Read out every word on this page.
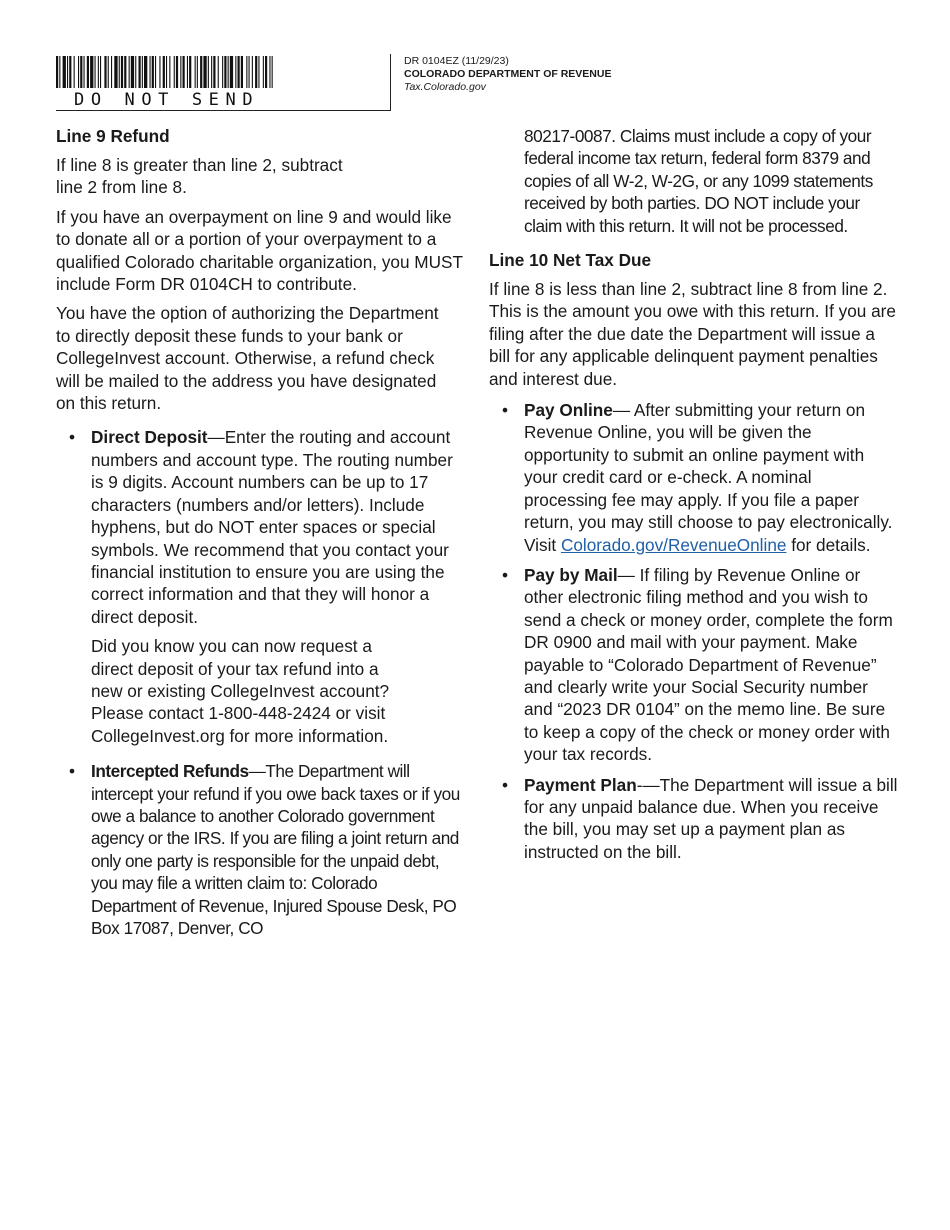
DO NOT SEND
DR 0104EZ (11/29/23)
COLORADO DEPARTMENT OF REVENUE
Tax.Colorado.gov
Line 9 Refund

If line 8 is greater than line 2, subtract line 2 from line 8.

If you have an overpayment on line 9 and would like to donate all or a portion of your overpayment to a qualified Colorado charitable organization, you MUST include Form DR 0104CH to contribute.

You have the option of authorizing the Department to directly deposit these funds to your bank or CollegeInvest account. Otherwise, a refund check will be mailed to the address you have designated on this return.

• Direct Deposit—Enter the routing and account numbers and account type. The routing number is 9 digits. Account numbers can be up to 17 characters (numbers and/or letters). Include hyphens, but do NOT enter spaces or special symbols. We recommend that you contact your financial institution to ensure you are using the correct information and that they will honor a direct deposit.
Did you know you can now request a direct deposit of your tax refund into a new or existing CollegeInvest account? Please contact 1-800-448-2424 or visit CollegeInvest.org for more information.
• Intercepted Refunds—The Department will intercept your refund if you owe back taxes or if you owe a balance to another Colorado government agency or the IRS. If you are filing a joint return and only one party is responsible for the unpaid debt, you may file a written claim to: Colorado Department of Revenue, Injured Spouse Desk, PO Box 17087, Denver, CO
80217-0087. Claims must include a copy of your federal income tax return, federal form 8379 and copies of all W-2, W-2G, or any 1099 statements received by both parties. DO NOT include your claim with this return. It will not be processed.
Line 10 Net Tax Due

If line 8 is less than line 2, subtract line 8 from line 2. This is the amount you owe with this return. If you are filing after the due date the Department will issue a bill for any applicable delinquent payment penalties and interest due.

• Pay Online— After submitting your return on Revenue Online, you will be given the opportunity to submit an online payment with your credit card or e-check. A nominal processing fee may apply. If you file a paper return, you may still choose to pay electronically. Visit Colorado.gov/RevenueOnline for details.
• Pay by Mail— If filing by Revenue Online or other electronic filing method and you wish to send a check or money order, complete the form DR 0900 and mail with your payment. Make payable to “Colorado Department of Revenue” and clearly write your Social Security number and “2023 DR 0104” on the memo line. Be sure to keep a copy of the check or money order with your tax records.
• Payment Plan-—The Department will issue a bill for any unpaid balance due. When you receive the bill, you may set up a payment plan as instructed on the bill.
